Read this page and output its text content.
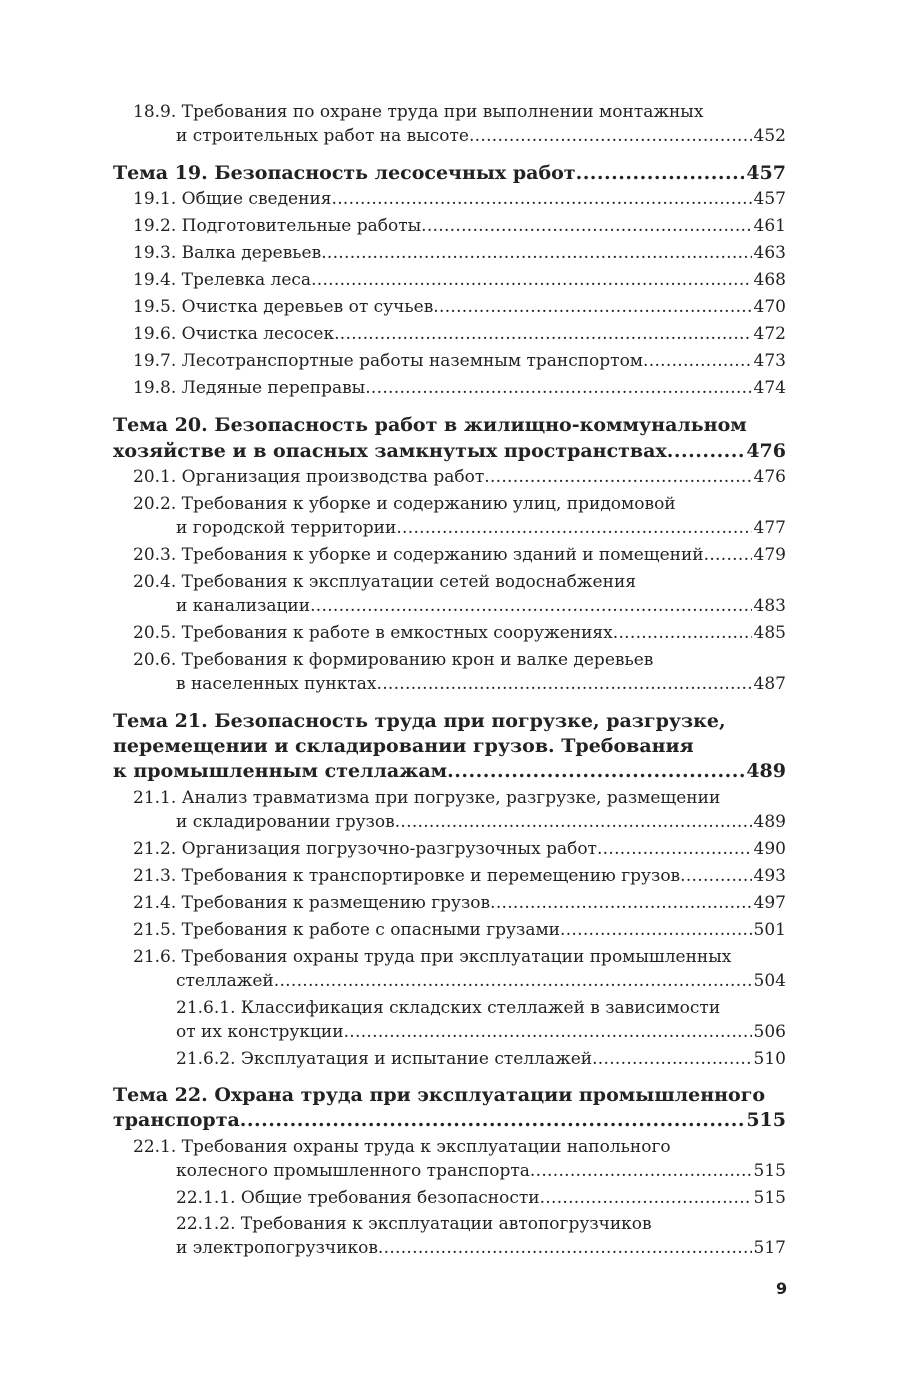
18.9. Требования по охране труда при выполнении монтажных
и строительных работ на высоте .....	452
Тема 19. Безопасность лесосечных работ .....	457
19.1. Общие сведения .....	457
19.2. Подготовительные работы .....	461
19.3. Валка деревьев .....	463
19.4. Трелевка леса .....	468
19.5. Очистка деревьев от сучьев .....	470
19.6. Очистка лесосек .....	472
19.7. Лесотранспортные работы наземным транспортом .....	473
19.8. Ледяные переправы .....	474
Тема 20. Безопасность работ в жилищно-коммунальном
хозяйстве и в опасных замкнутых пространствах .....	476
20.1. Организация производства работ .....	476
20.2. Требования к уборке и содержанию улиц, придомовой
и городской территории .....	477
20.3. Требования к уборке и содержанию зданий и помещений .....	479
20.4. Требования к эксплуатации сетей водоснабжения
и канализации .....	483
20.5. Требования к работе в емкостных сооружениях .....	485
20.6. Требования к формированию крон и валке деревьев
в населенных пунктах .....	487
Тема 21. Безопасность труда при погрузке, разгрузке,
перемещении и складировании грузов. Требования
к промышленным стеллажам .....	489
21.1. Анализ травматизма при погрузке, разгрузке, размещении
и складировании грузов .....	489
21.2. Организация погрузочно-разгрузочных работ .....	490
21.3. Требования к транспортировке и перемещению грузов .....	493
21.4. Требования к размещению грузов .....	497
21.5. Требования к работе с опасными грузами .....	501
21.6. Требования охраны труда при эксплуатации промышленных
стеллажей .....	504
21.6.1. Классификация складских стеллажей в зависимости
от их конструкции .....	506
21.6.2. Эксплуатация и испытание стеллажей .....	510
Тема 22. Охрана труда при эксплуатации промышленного
транспорта .....	515
22.1. Требования охраны труда к эксплуатации напольного
колесного промышленного транспорта .....	515
22.1.1. Общие требования безопасности .....	515
22.1.2. Требования к эксплуатации автопогрузчиков
и электропогрузчиков .....	517
9
